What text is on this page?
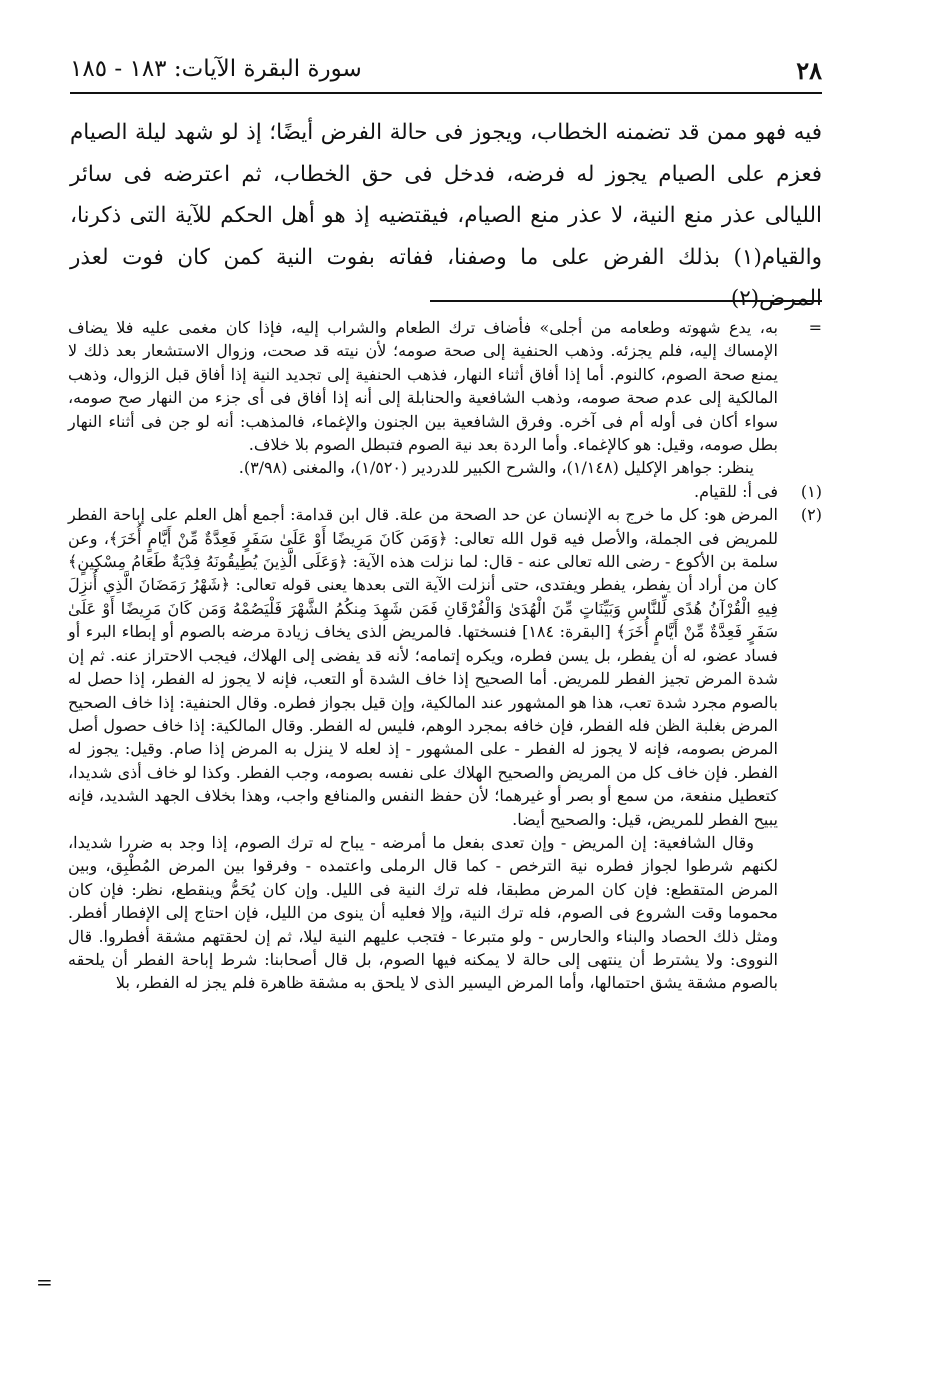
٢٨
سورة البقرة الآيات: ١٨٣ - ١٨٥

فيه فهو ممن قد تضمنه الخطاب، ويجوز فى حالة الفرض أيضًا؛ إذ لو شهد ليلة الصيام فعزم على الصيام يجوز له فرضه، فدخل فى حق الخطاب، ثم اعترضه فى سائر الليالى عذر منع النية، لا عذر منع الصيام، فيقتضيه إذ هو أهل الحكم للآية التى ذكرنا، والقيام(١) بذلك الفرض على ما وصفنا، ففاته بفوت النية كمن كان فوت لعذر المرض(٢)

=
به، يدع شهوته وطعامه من أجلى» فأضاف ترك الطعام والشراب إليه، فإذا كان مغمى عليه فلا يضاف الإمساك إليه، فلم يجزئه. وذهب الحنفية إلى صحة صومه؛ لأن نيته قد صحت، وزوال الاستشعار بعد ذلك لا يمنع صحة الصوم، كالنوم. أما إذا أفاق أثناء النهار، فذهب الحنفية إلى تجديد النية إذا أفاق قبل الزوال، وذهب المالكية إلى عدم صحة صومه، وذهب الشافعية والحنابلة إلى أنه إذا أفاق فى أى جزء من النهار صح صومه، سواء أكان فى أوله أم فى آخره. وفرق الشافعية بين الجنون والإغماء، فالمذهب: أنه لو جن فى أثناء النهار بطل صومه، وقيل: هو كالإغماء. وأما الردة بعد نية الصوم فتبطل الصوم بلا خلاف.

ينظر: جواهر الإكليل (١/١٤٨)، والشرح الكبير للدردير (١/٥٢٠)، والمغنى (٣/٩٨).

(١)
فى أ: للقيام.

(٢)
المرض هو: كل ما خرج به الإنسان عن حد الصحة من علة. قال ابن قدامة: أجمع أهل العلم على إباحة الفطر للمريض فى الجملة، والأصل فيه قول الله تعالى: ﴿وَمَن كَانَ مَرِيضًا أَوْ عَلَىٰ سَفَرٍ فَعِدَّةٌ مِّنْ أَيَّامٍ أُخَرَ﴾، وعن سلمة بن الأكوع - رضى الله تعالى عنه - قال: لما نزلت هذه الآية: ﴿وَعَلَى الَّذِينَ يُطِيقُونَهُ فِدْيَةٌ طَعَامُ مِسْكِينٍ﴾ كان من أراد أن يفطر، يفطر ويفتدى، حتى أنزلت الآية التى بعدها يعنى قوله تعالى: ﴿شَهْرُ رَمَضَانَ الَّذِي أُنزِلَ فِيهِ الْقُرْآنُ هُدًى لِّلنَّاسِ وَبَيِّنَاتٍ مِّنَ الْهُدَىٰ وَالْفُرْقَانِ فَمَن شَهِدَ مِنكُمُ الشَّهْرَ فَلْيَصُمْهُ وَمَن كَانَ مَرِيضًا أَوْ عَلَىٰ سَفَرٍ فَعِدَّةٌ مِّنْ أَيَّامٍ أُخَرَ﴾ [البقرة: ١٨٤] فنسختها. فالمريض الذى يخاف زيادة مرضه بالصوم أو إبطاء البرء أو فساد عضو، له أن يفطر، بل يسن فطره، ويكره إتمامه؛ لأنه قد يفضى إلى الهلاك، فيجب الاحتراز عنه. ثم إن شدة المرض تجيز الفطر للمريض. أما الصحيح إذا خاف الشدة أو التعب، فإنه لا يجوز له الفطر، إذا حصل له بالصوم مجرد شدة تعب، هذا هو المشهور عند المالكية، وإن قيل بجواز فطره. وقال الحنفية: إذا خاف الصحيح المرض بغلبة الظن فله الفطر، فإن خافه بمجرد الوهم، فليس له الفطر. وقال المالكية: إذا خاف حصول أصل المرض بصومه، فإنه لا يجوز له الفطر - على المشهور - إذ لعله لا ينزل به المرض إذا صام. وقيل: يجوز له الفطر. فإن خاف كل من المريض والصحيح الهلاك على نفسه بصومه، وجب الفطر. وكذا لو خاف أذى شديدا، كتعطيل منفعة، من سمع أو بصر أو غيرهما؛ لأن حفظ النفس والمنافع واجب، وهذا بخلاف الجهد الشديد، فإنه يبيح الفطر للمريض، قيل: والصحيح أيضا.

وقال الشافعية: إن المريض - وإن تعدى بفعل ما أمرضه - يباح له ترك الصوم، إذا وجد به ضررا شديدا، لكنهم شرطوا لجواز فطره نية الترخص - كما قال الرملى واعتمده - وفرقوا بين المرض المُطْبِق، وبين المرض المتقطع: فإن كان المرض مطبقا، فله ترك النية فى الليل. وإن كان يُحَمُّ وينقطع، نظر: فإن كان محموما وقت الشروع فى الصوم، فله ترك النية، وإلا فعليه أن ينوى من الليل، فإن احتاج إلى الإفطار أفطر. ومثل ذلك الحصاد والبناء والحارس - ولو متبرعا - فتجب عليهم النية ليلا، ثم إن لحقتهم مشقة أفطروا. قال النووى: ولا يشترط أن ينتهى إلى حالة لا يمكنه فيها الصوم، بل قال أصحابنا: شرط إباحة الفطر أن يلحقه بالصوم مشقة يشق احتمالها، وأما المرض اليسير الذى لا يلحق به مشقة ظاهرة فلم يجز له الفطر، بلا

=
